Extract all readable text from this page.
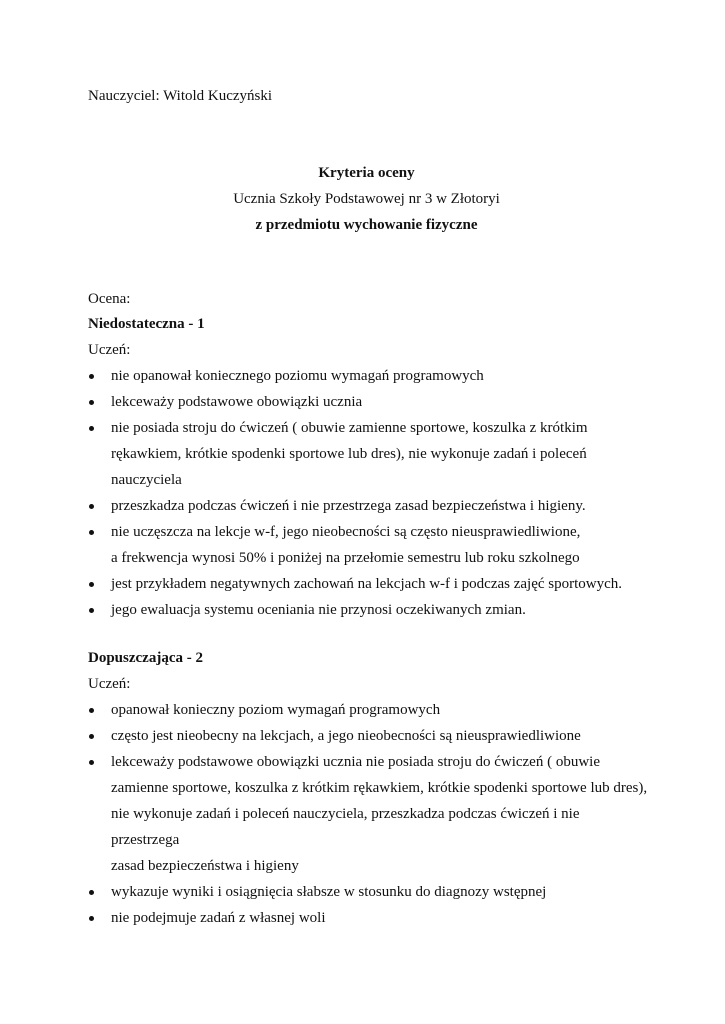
Nauczyciel: Witold Kuczyński
Kryteria oceny
Ucznia Szkoły Podstawowej nr 3 w Złotoryi
z przedmiotu wychowanie fizyczne
Ocena:
Niedostateczna - 1
Uczeń:
nie opanował koniecznego poziomu wymagań programowych
lekceważy podstawowe obowiązki ucznia
nie posiada stroju do ćwiczeń ( obuwie zamienne sportowe, koszulka z krótkim
rękawkiem, krótkie spodenki sportowe lub dres), nie wykonuje zadań i poleceń
nauczyciela
przeszkadza podczas ćwiczeń i nie przestrzega zasad bezpieczeństwa i higieny.
nie uczęszcza na lekcje w-f, jego nieobecności są często nieusprawiedliwione,
a frekwencja wynosi 50% i poniżej na przełomie semestru lub roku szkolnego
jest przykładem negatywnych zachowań na lekcjach w-f i podczas zajęć sportowych.
jego ewaluacja systemu oceniania nie przynosi oczekiwanych zmian.
Dopuszczająca - 2
Uczeń:
opanował konieczny poziom wymagań programowych
często jest nieobecny na lekcjach, a jego nieobecności są nieusprawiedliwione
lekceważy podstawowe obowiązki ucznia nie posiada stroju do ćwiczeń ( obuwie
zamienne sportowe, koszulka z krótkim rękawkiem, krótkie spodenki sportowe lub dres),
nie wykonuje zadań i poleceń nauczyciela, przeszkadza podczas ćwiczeń i nie przestrzega
zasad bezpieczeństwa i higieny
wykazuje wyniki i osiągnięcia słabsze w stosunku do diagnozy wstępnej
nie podejmuje zadań z własnej woli
